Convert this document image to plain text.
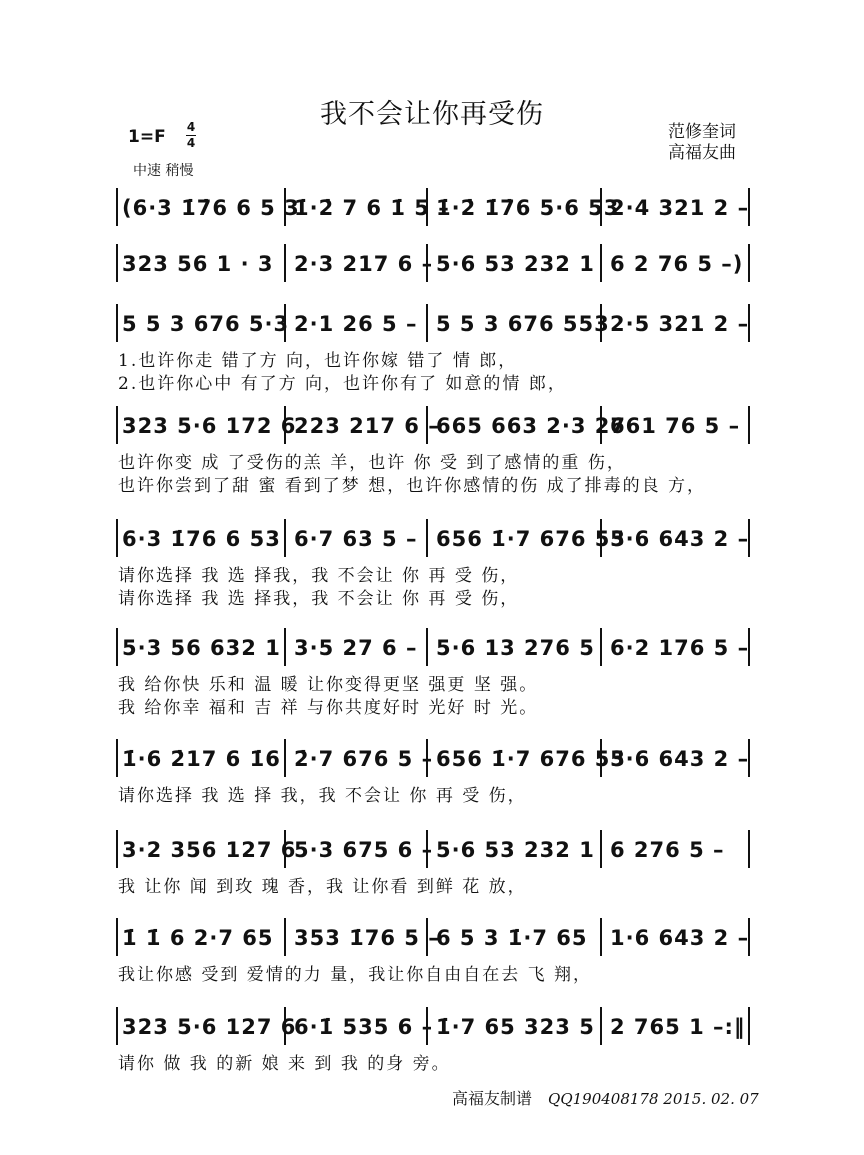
我不会让你再受伤
范修奎词
高福友曲
1=F 4
4
中速 稍慢
(6·3 1̇7̇6 6 5 3
1̇·2̇ 7 6 1̇ 5 –
1̇·2̇ 1̇7̇6 5·6 53
2·4 321 2 –
323 56 1 · 3 2·3 217 6 – 5·6 53 232 1 6 2 76 5 –)
5 5 3 676 5·3 2·1 26 5 – 5 5 3 676 553 2·5 321 2 –
1.也许你走 错了方 向，也许你嫁 错了 情 郎，
2.也许你心中 有了方 向，也许你有了 如意的情 郎，
323 5·6 172 6
223 217 6 –
665 663 2·3 27
661 76 5 –
也许你变 成 了受伤的羔 羊，也许 你 受 到了感情的重 伤，
也许你尝到了甜 蜜 看到了梦 想，也许你感情的伤 成了排毒的良 方，
6·3 1̇76 6 53 6·7 63 5 – 656 1̇·7 676 53
5·6 643 2 –
请你选择 我 选 择我，我 不会让 你 再 受 伤，
请你选择 我 选 择我，我 不会让 你 再 受 伤，
5·3 56 632 1 3·5 27 6 – 5·6 13 276 5 6·2 176 5 –
我 给你快 乐和 温 暖 让你变得更坚 强更 坚 强。
我 给你幸 福和 吉 祥 与你共度好时 光好 时 光。
1̇·6 2̇17 6 1̇6 2̇·7 676 5 – 656 1̇·7 676 53
5·6 643 2 –
请你选择 我 选 择 我，我 不会让 你 再 受 伤，
3·2 356 127 6
5·3 675 6 – 5·6 53 232 1 6 276 5 –
我 让你 闻 到玫 瑰 香，我 让你看 到鲜 花 放，
1̇ 1̇ 6 2·7 65 353 1̇76 5 –
6 5 3 1̇·7 65 1·6 643 2 –
我让你感 受到 爱情的力 量，我让你自由自在去 飞 翔，
323 5·6 127 6
6·1̇ 535 6 – 1̇·7 65 323 5 2 765 1 –:‖
请你 做 我 的新 娘 来 到 我 的身 旁。
高福友制谱 QQ190408178 2015. 02. 07
